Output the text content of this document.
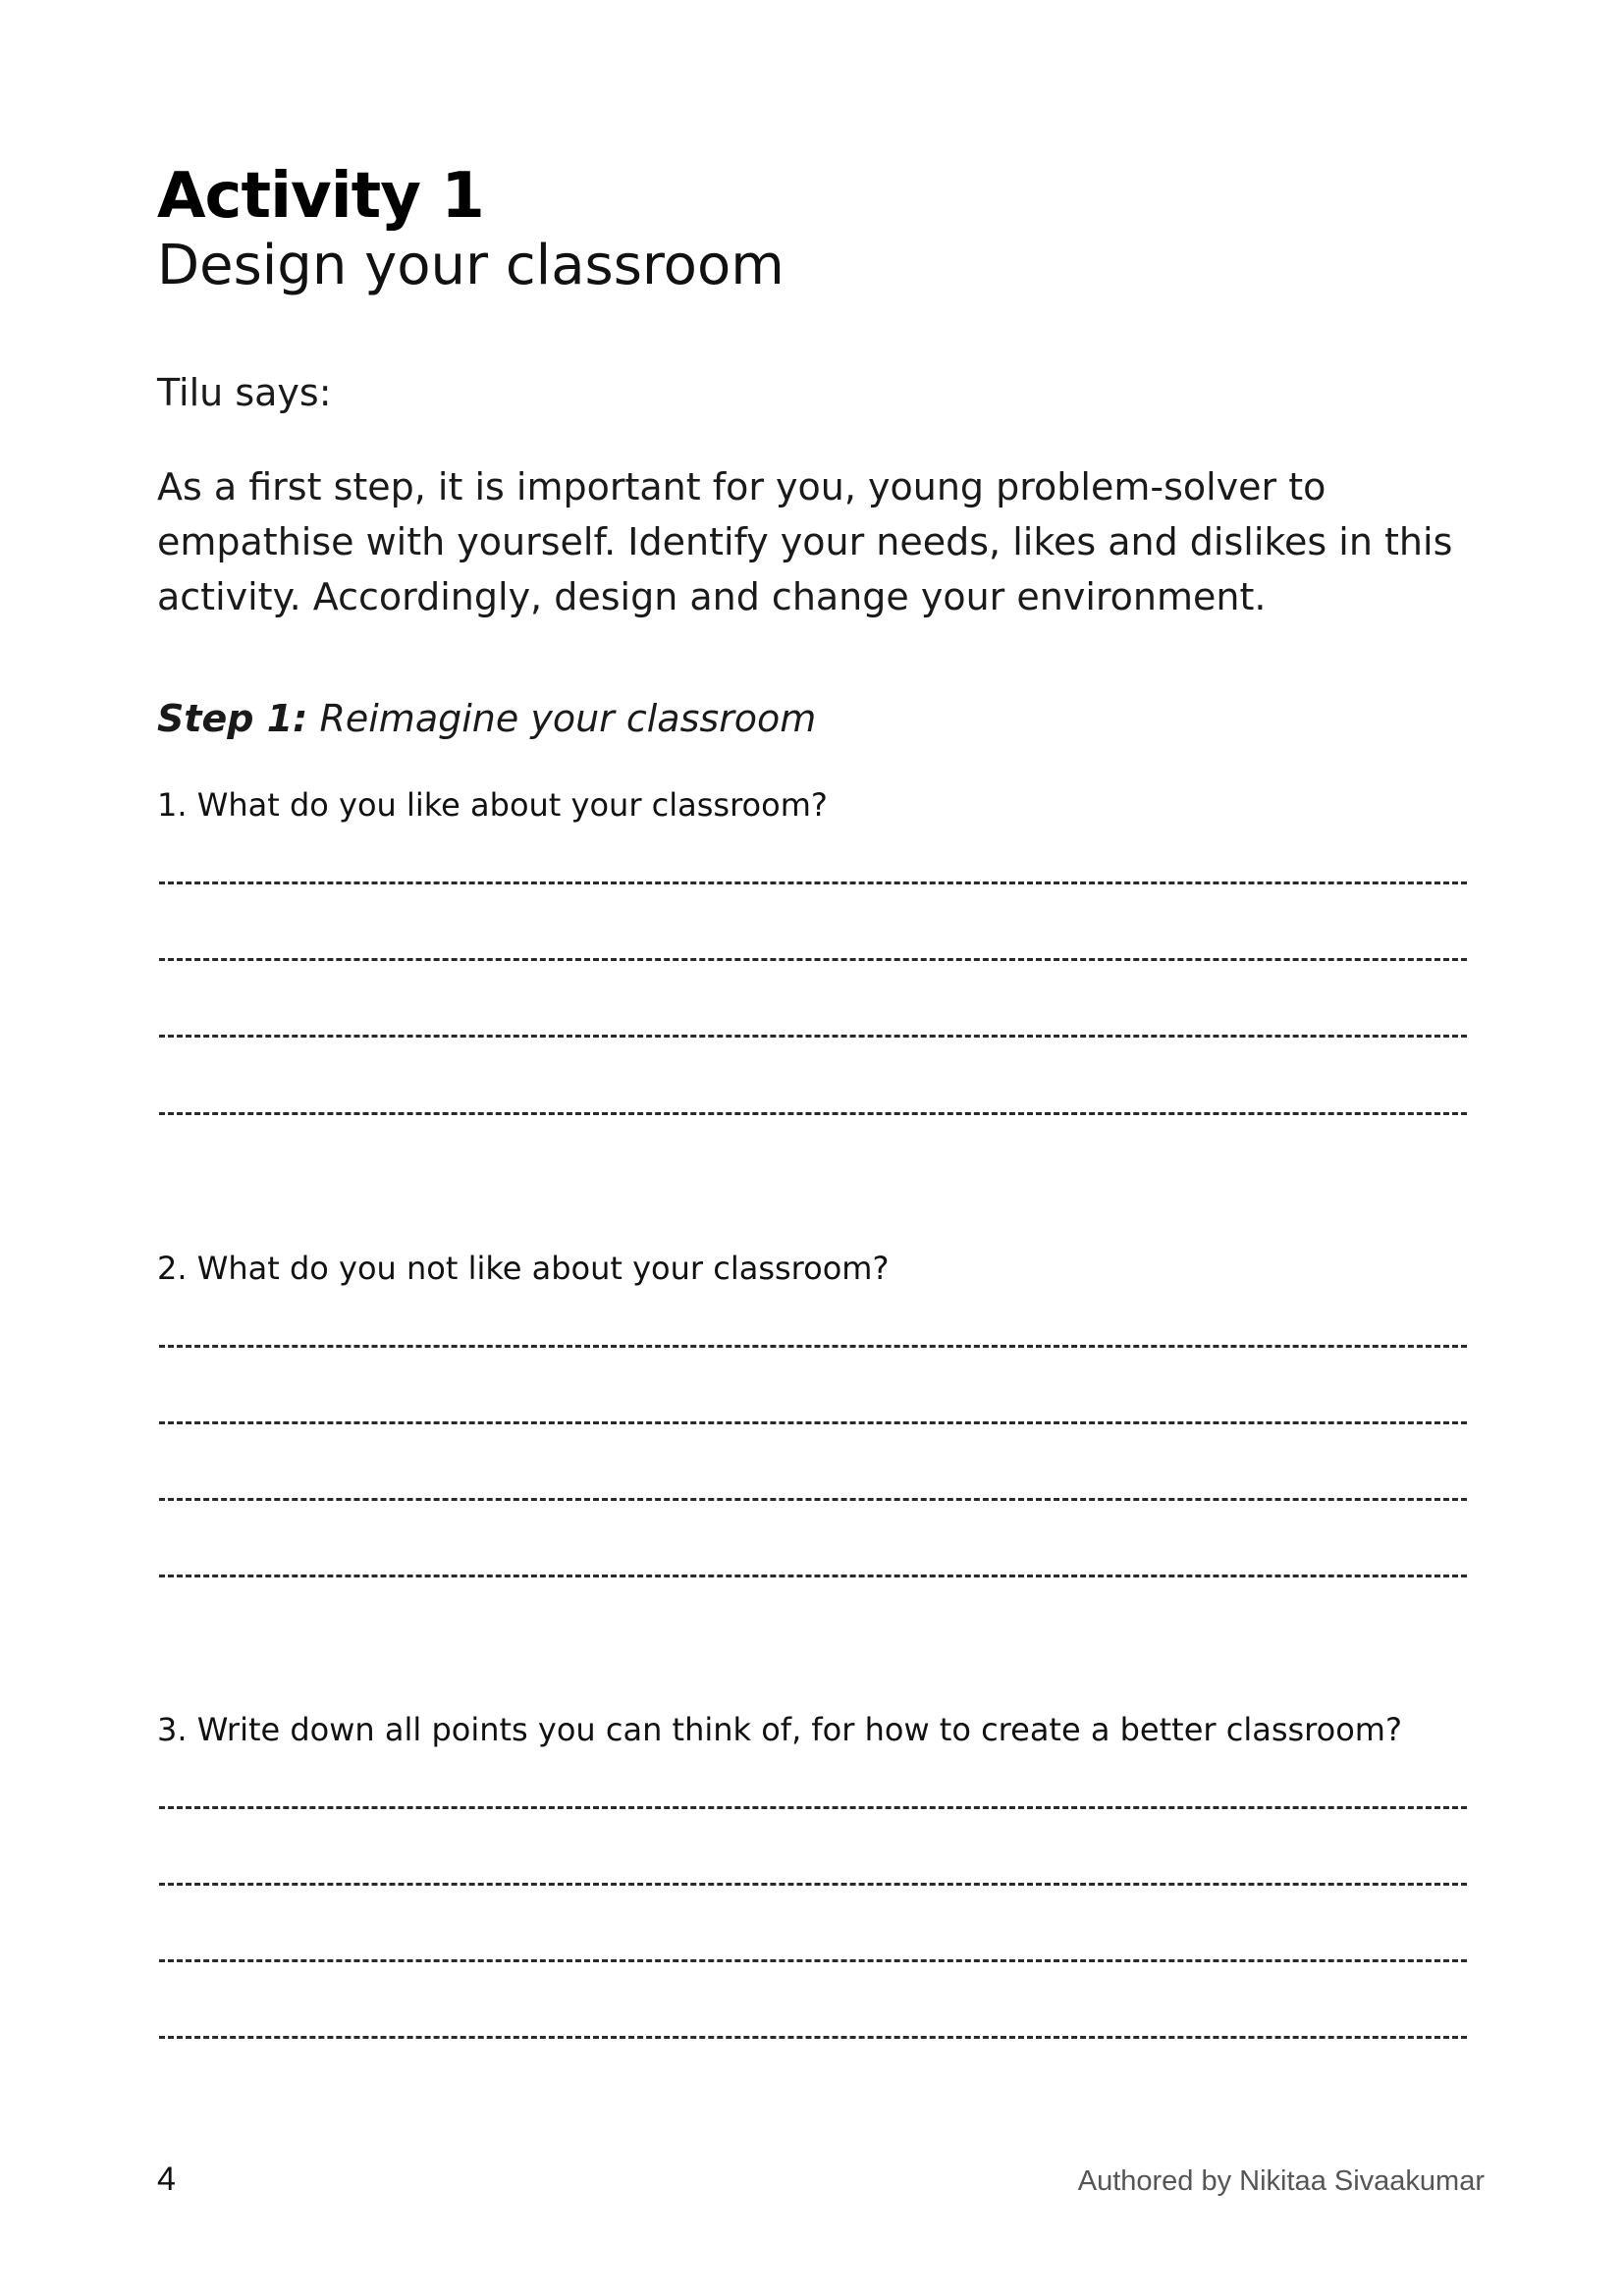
Activity 1
Design your classroom
Tilu says:

As a first step, it is important for you, young problem-solver to empathise with yourself. Identify your needs, likes and dislikes in this activity. Accordingly, design and change your environment.

Step 1: Reimagine your classroom
1. What do you like about your classroom?
2. What do you not like about your classroom?
3. Write down all points you can think of, for how to create a better classroom?
4	Authored by Nikitaa Sivaakumar
